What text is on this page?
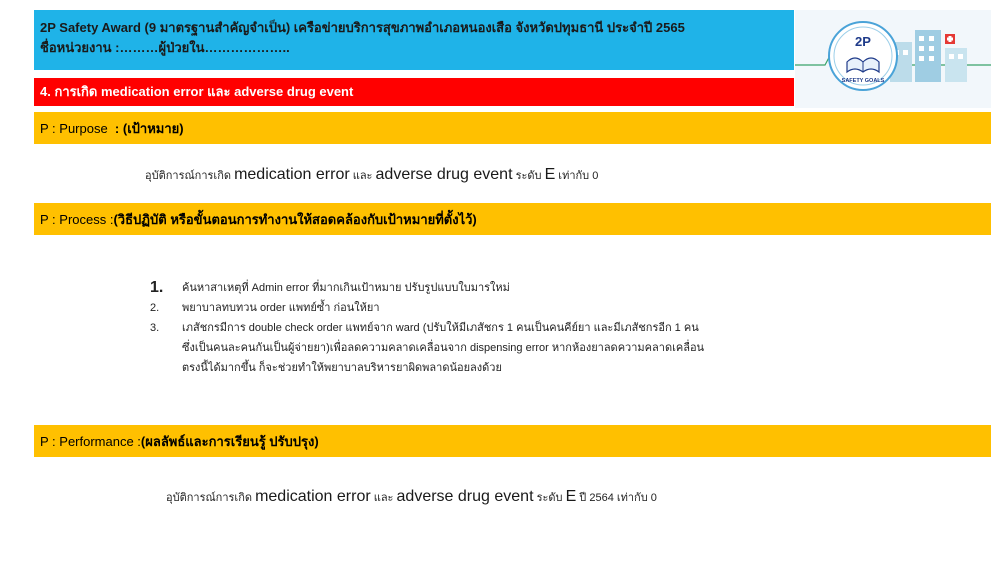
2P Safety Award (9 มาตรฐานสำคัญจำเป็น) เครือข่ายบริการสุขภาพอำเภอหนองเสือ จังหวัดปทุมธานี ประจำปี 2565
ชื่อหน่วยงาน :………ผู้ป่วยใน………………..	2P
SAFETY GOALS
4. การเกิด medication error และ adverse drug event
P : Purpose : (เป้าหมาย)
อุบัติการณ์การเกิด medication error และ adverse drug event ระดับ E เท่ากับ 0
P : Process : (วิธีปฏิบัติ หรือขั้นตอนการทำงานให้สอดคล้องกับเป้าหมายที่ตั้งไว้)
1. ค้นหาสาเหตุที่ Admin error ที่มากเกินเป้าหมาย ปรับรูปแบบใบมารใหม่
2. พยาบาลทบทวน order แพทย์ซ้ำ ก่อนให้ยา
3. เภสัชกรมีการ double check order แพทย์จาก ward (ปรับให้มีเภสัชกร 1 คนเป็นคนคีย์ยา และมีเภสัชกรอีก 1 คน ซึ่งเป็นคนละคนกันเป็นผู้จ่ายยา)เพื่อลดความคลาดเคลื่อนจาก dispensing error หากห้องยาลดความคลาดเคลื่อนตรงนี้ได้มากขึ้น ก็จะช่วยทำให้พยาบาลบริหารยาผิดพลาดน้อยลงด้วย
P : Performance : (ผลลัพธ์และการเรียนรู้ ปรับปรุง)
อุบัติการณ์การเกิด medication error และ adverse drug event ระดับ E ปี 2564 เท่ากับ 0
